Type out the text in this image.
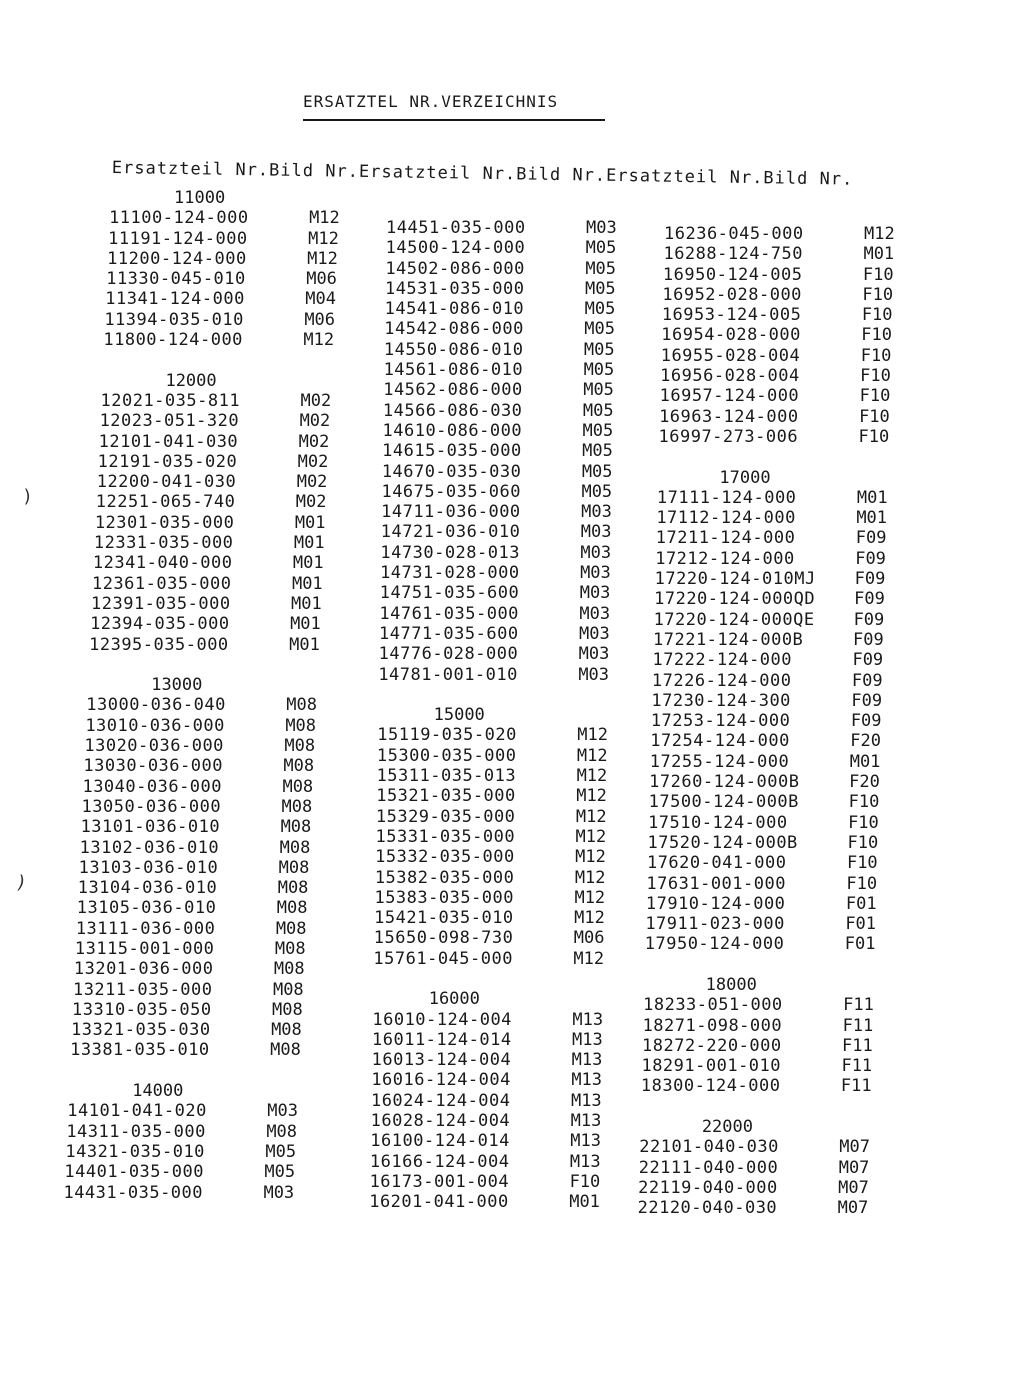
ERSATZTEL NR.VERZEICHNIS
Ersatzteil Nr.Bild Nr.Ersatzteil Nr.Bild Nr.Ersatzteil Nr.Bild Nr.
)
)
11000
11100-124-000	M12
11191-124-000	M12
11200-124-000	M12
11330-045-010	M06
11341-124-000	M04
11394-035-010	M06
11800-124-000	M12
12000
12021-035-811	M02
12023-051-320	M02
12101-041-030	M02
12191-035-020	M02
12200-041-030	M02
12251-065-740	M02
12301-035-000	M01
12331-035-000	M01
12341-040-000	M01
12361-035-000	M01
12391-035-000	M01
12394-035-000	M01
12395-035-000	M01
13000
13000-036-040	M08
13010-036-000	M08
13020-036-000	M08
13030-036-000	M08
13040-036-000	M08
13050-036-000	M08
13101-036-010	M08
13102-036-010	M08
13103-036-010	M08
13104-036-010	M08
13105-036-010	M08
13111-036-000	M08
13115-001-000	M08
13201-036-000	M08
13211-035-000	M08
13310-035-050	M08
13321-035-030	M08
13381-035-010	M08
14000
14101-041-020	M03
14311-035-000	M08
14321-035-010	M05
14401-035-000	M05
14431-035-000	M03
14451-035-000	M03
14500-124-000	M05
14502-086-000	M05
14531-035-000	M05
14541-086-010	M05
14542-086-000	M05
14550-086-010	M05
14561-086-010	M05
14562-086-000	M05
14566-086-030	M05
14610-086-000	M05
14615-035-000	M05
14670-035-030	M05
14675-035-060	M05
14711-036-000	M03
14721-036-010	M03
14730-028-013	M03
14731-028-000	M03
14751-035-600	M03
14761-035-000	M03
14771-035-600	M03
14776-028-000	M03
14781-001-010	M03
15000
15119-035-020	M12
15300-035-000	M12
15311-035-013	M12
15321-035-000	M12
15329-035-000	M12
15331-035-000	M12
15332-035-000	M12
15382-035-000	M12
15383-035-000	M12
15421-035-010	M12
15650-098-730	M06
15761-045-000	M12
16000
16010-124-004	M13
16011-124-014	M13
16013-124-004	M13
16016-124-004	M13
16024-124-004	M13
16028-124-004	M13
16100-124-014	M13
16166-124-004	M13
16173-001-004	F10
16201-041-000	M01
16236-045-000	M12
16288-124-750	M01
16950-124-005	F10
16952-028-000	F10
16953-124-005	F10
16954-028-000	F10
16955-028-004	F10
16956-028-004	F10
16957-124-000	F10
16963-124-000	F10
16997-273-006	F10
17000
17111-124-000	M01
17112-124-000	M01
17211-124-000	F09
17212-124-000	F09
17220-124-010MJ F09
17220-124-000QD F09
17220-124-000QE F09
17221-124-000B	F09
17222-124-000	F09
17226-124-000	F09
17230-124-300	F09
17253-124-000	F09
17254-124-000	F20
17255-124-000	M01
17260-124-000B	F20
17500-124-000B	F10
17510-124-000	F10
17520-124-000B	F10
17620-041-000	F10
17631-001-000	F10
17910-124-000	F01
17911-023-000	F01
17950-124-000	F01
18000
18233-051-000	F11
18271-098-000	F11
18272-220-000	F11
18291-001-010	F11
18300-124-000	F11
22000
22101-040-030	M07
22111-040-000	M07
22119-040-000	M07
22120-040-030	M07
